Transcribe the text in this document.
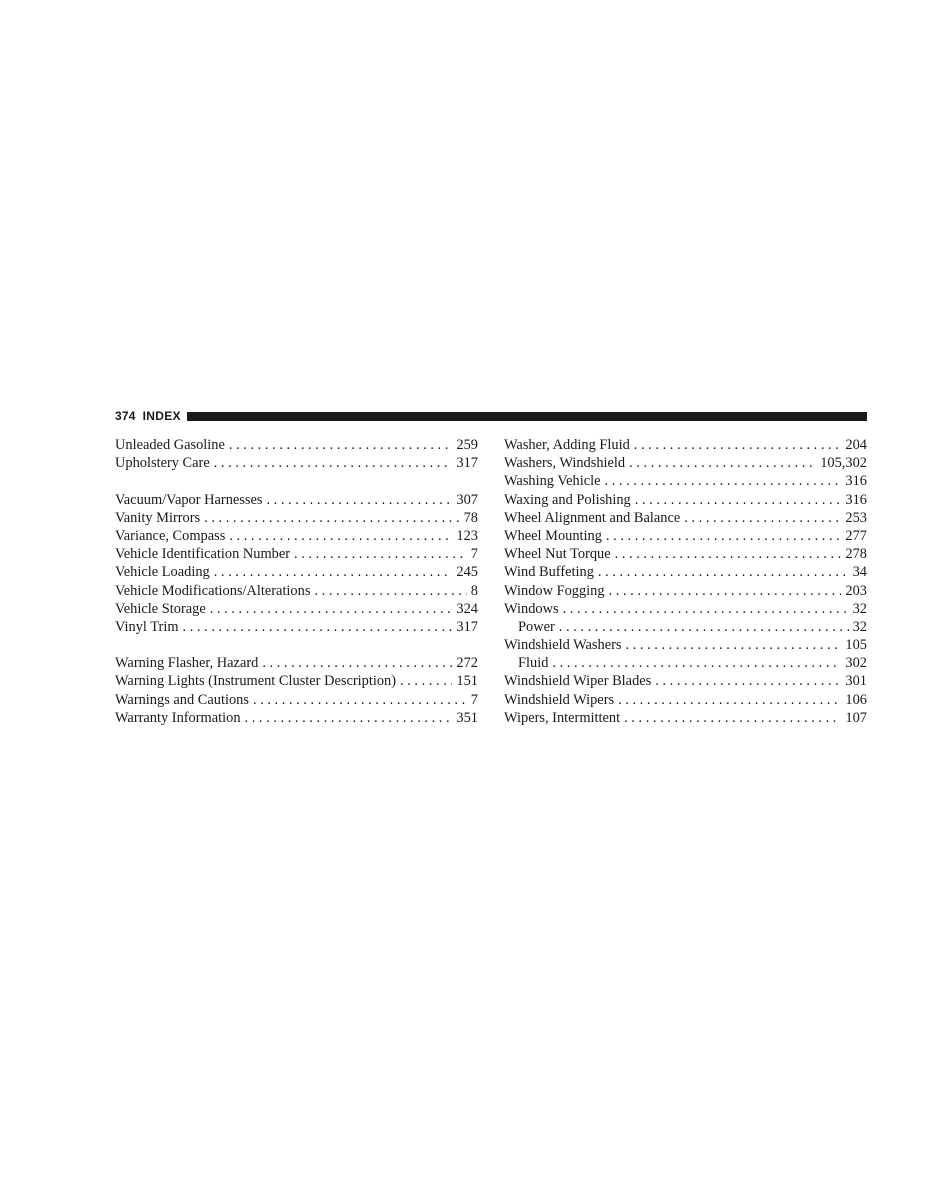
374 INDEX
Unleaded Gasoline . . .	259
Upholstery Care . . .	317
Vacuum/Vapor Harnesses . . .	307
Vanity Mirrors . . .	78
Variance, Compass . . .	123
Vehicle Identification Number . . .	7
Vehicle Loading . . .	245
Vehicle Modifications/Alterations . . .	8
Vehicle Storage . . .	324
Vinyl Trim . . .	317
Warning Flasher, Hazard . . .	272
Warning Lights (Instrument Cluster Description) . . .	151
Warnings and Cautions . . .	7
Warranty Information . . .	351
Washer, Adding Fluid . . .	204
Washers, Windshield . . .	105,302
Washing Vehicle . . .	316
Waxing and Polishing . . .	316
Wheel Alignment and Balance . . .	253
Wheel Mounting . . .	277
Wheel Nut Torque . . .	278
Wind Buffeting . . .	34
Window Fogging . . .	203
Windows . . .	32
Power . . .	32
Windshield Washers . . .	105
Fluid . . .	302
Windshield Wiper Blades . . .	301
Windshield Wipers . . .	106
Wipers, Intermittent . . .	107
